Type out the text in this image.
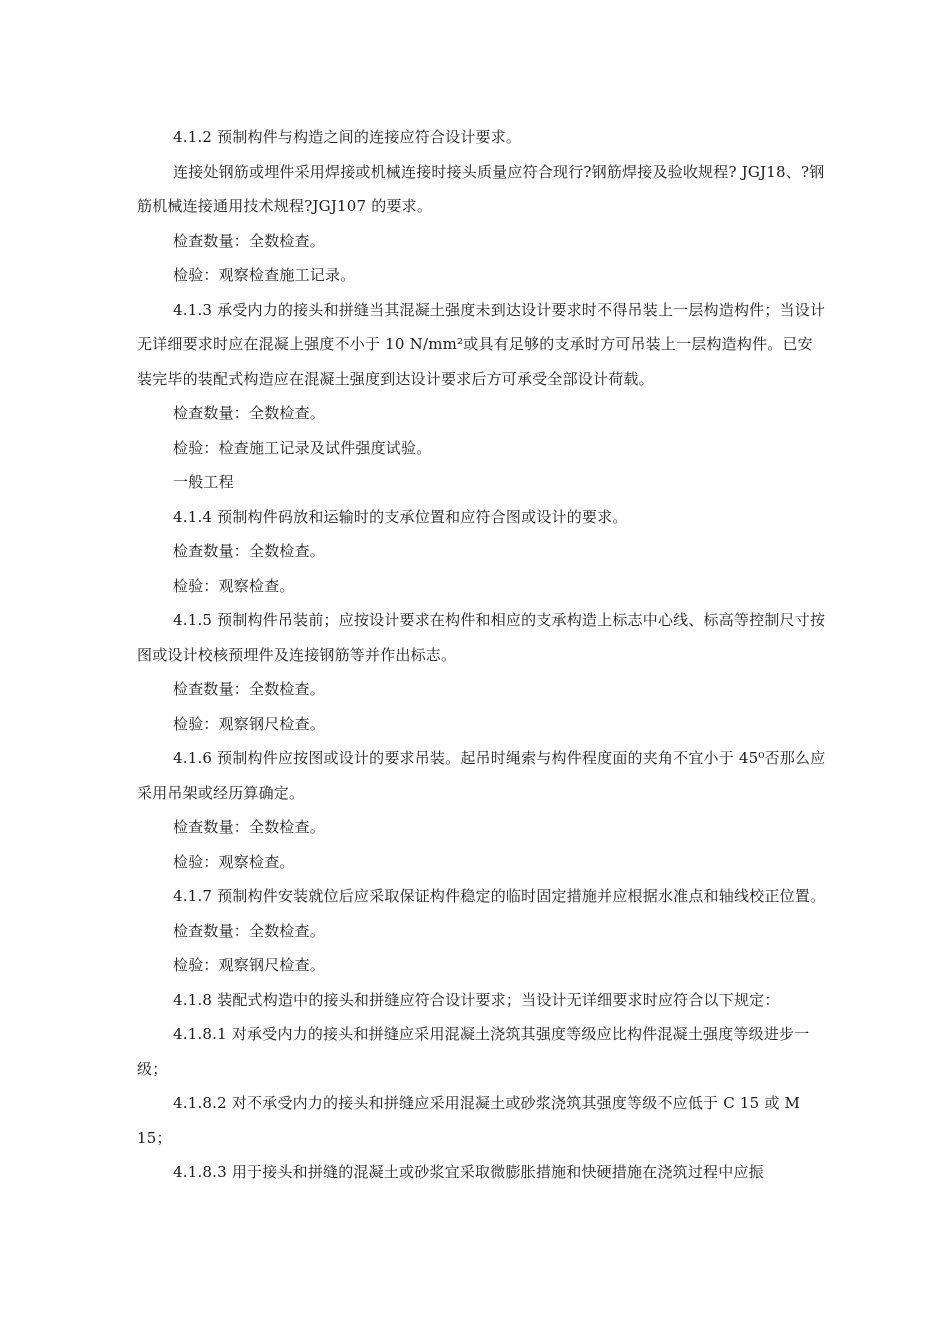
4.1.2 预制构件与构造之间的连接应符合设计要求。

连接处钢筋或埋件采用焊接或机械连接时接头质量应符合现行?钢筋焊接及验收规程? JGJ18、?钢筋机械连接通用技术规程?JGJ107 的要求。

检查数量：全数检查。

检验：观察检查施工记录。

4.1.3 承受内力的接头和拼缝当其混凝土强度未到达设计要求时不得吊装上一层构造构件；当设计无详细要求时应在混凝上强度不小于 10 N/mm²或具有足够的支承时方可吊装上一层构造构件。已安装完毕的装配式构造应在混凝土强度到达设计要求后方可承受全部设计荷载。

检查数量：全数检查。

检验：检查施工记录及试件强度试验。

一般工程

4.1.4 预制构件码放和运输时的支承位置和应符合图或设计的要求。

检查数量：全数检查。

检验：观察检查。

4.1.5 预制构件吊装前；应按设计要求在构件和相应的支承构造上标志中心线、标高等控制尺寸按图或设计校核预埋件及连接钢筋等并作出标志。

检查数量：全数检查。

检验：观察钢尺检查。

4.1.6 预制构件应按图或设计的要求吊装。起吊时绳索与构件程度面的夹角不宜小于 45⁰否那么应采用吊架或经历算确定。

检查数量：全数检查。

检验：观察检查。

4.1.7 预制构件安装就位后应采取保证构件稳定的临时固定措施并应根据水准点和轴线校正位置。

检查数量：全数检查。

检验：观察钢尺检查。

4.1.8 装配式构造中的接头和拼缝应符合设计要求；当设计无详细要求时应符合以下规定：

4.1.8.1 对承受内力的接头和拼缝应采用混凝土浇筑其强度等级应比构件混凝土强度等级进步一级；

4.1.8.2 对不承受内力的接头和拼缝应采用混凝土或砂浆浇筑其强度等级不应低于 C 15 或 M 15；

4.1.8.3 用于接头和拼缝的混凝土或砂浆宜采取微膨胀措施和快硬措施在浇筑过程中应振
